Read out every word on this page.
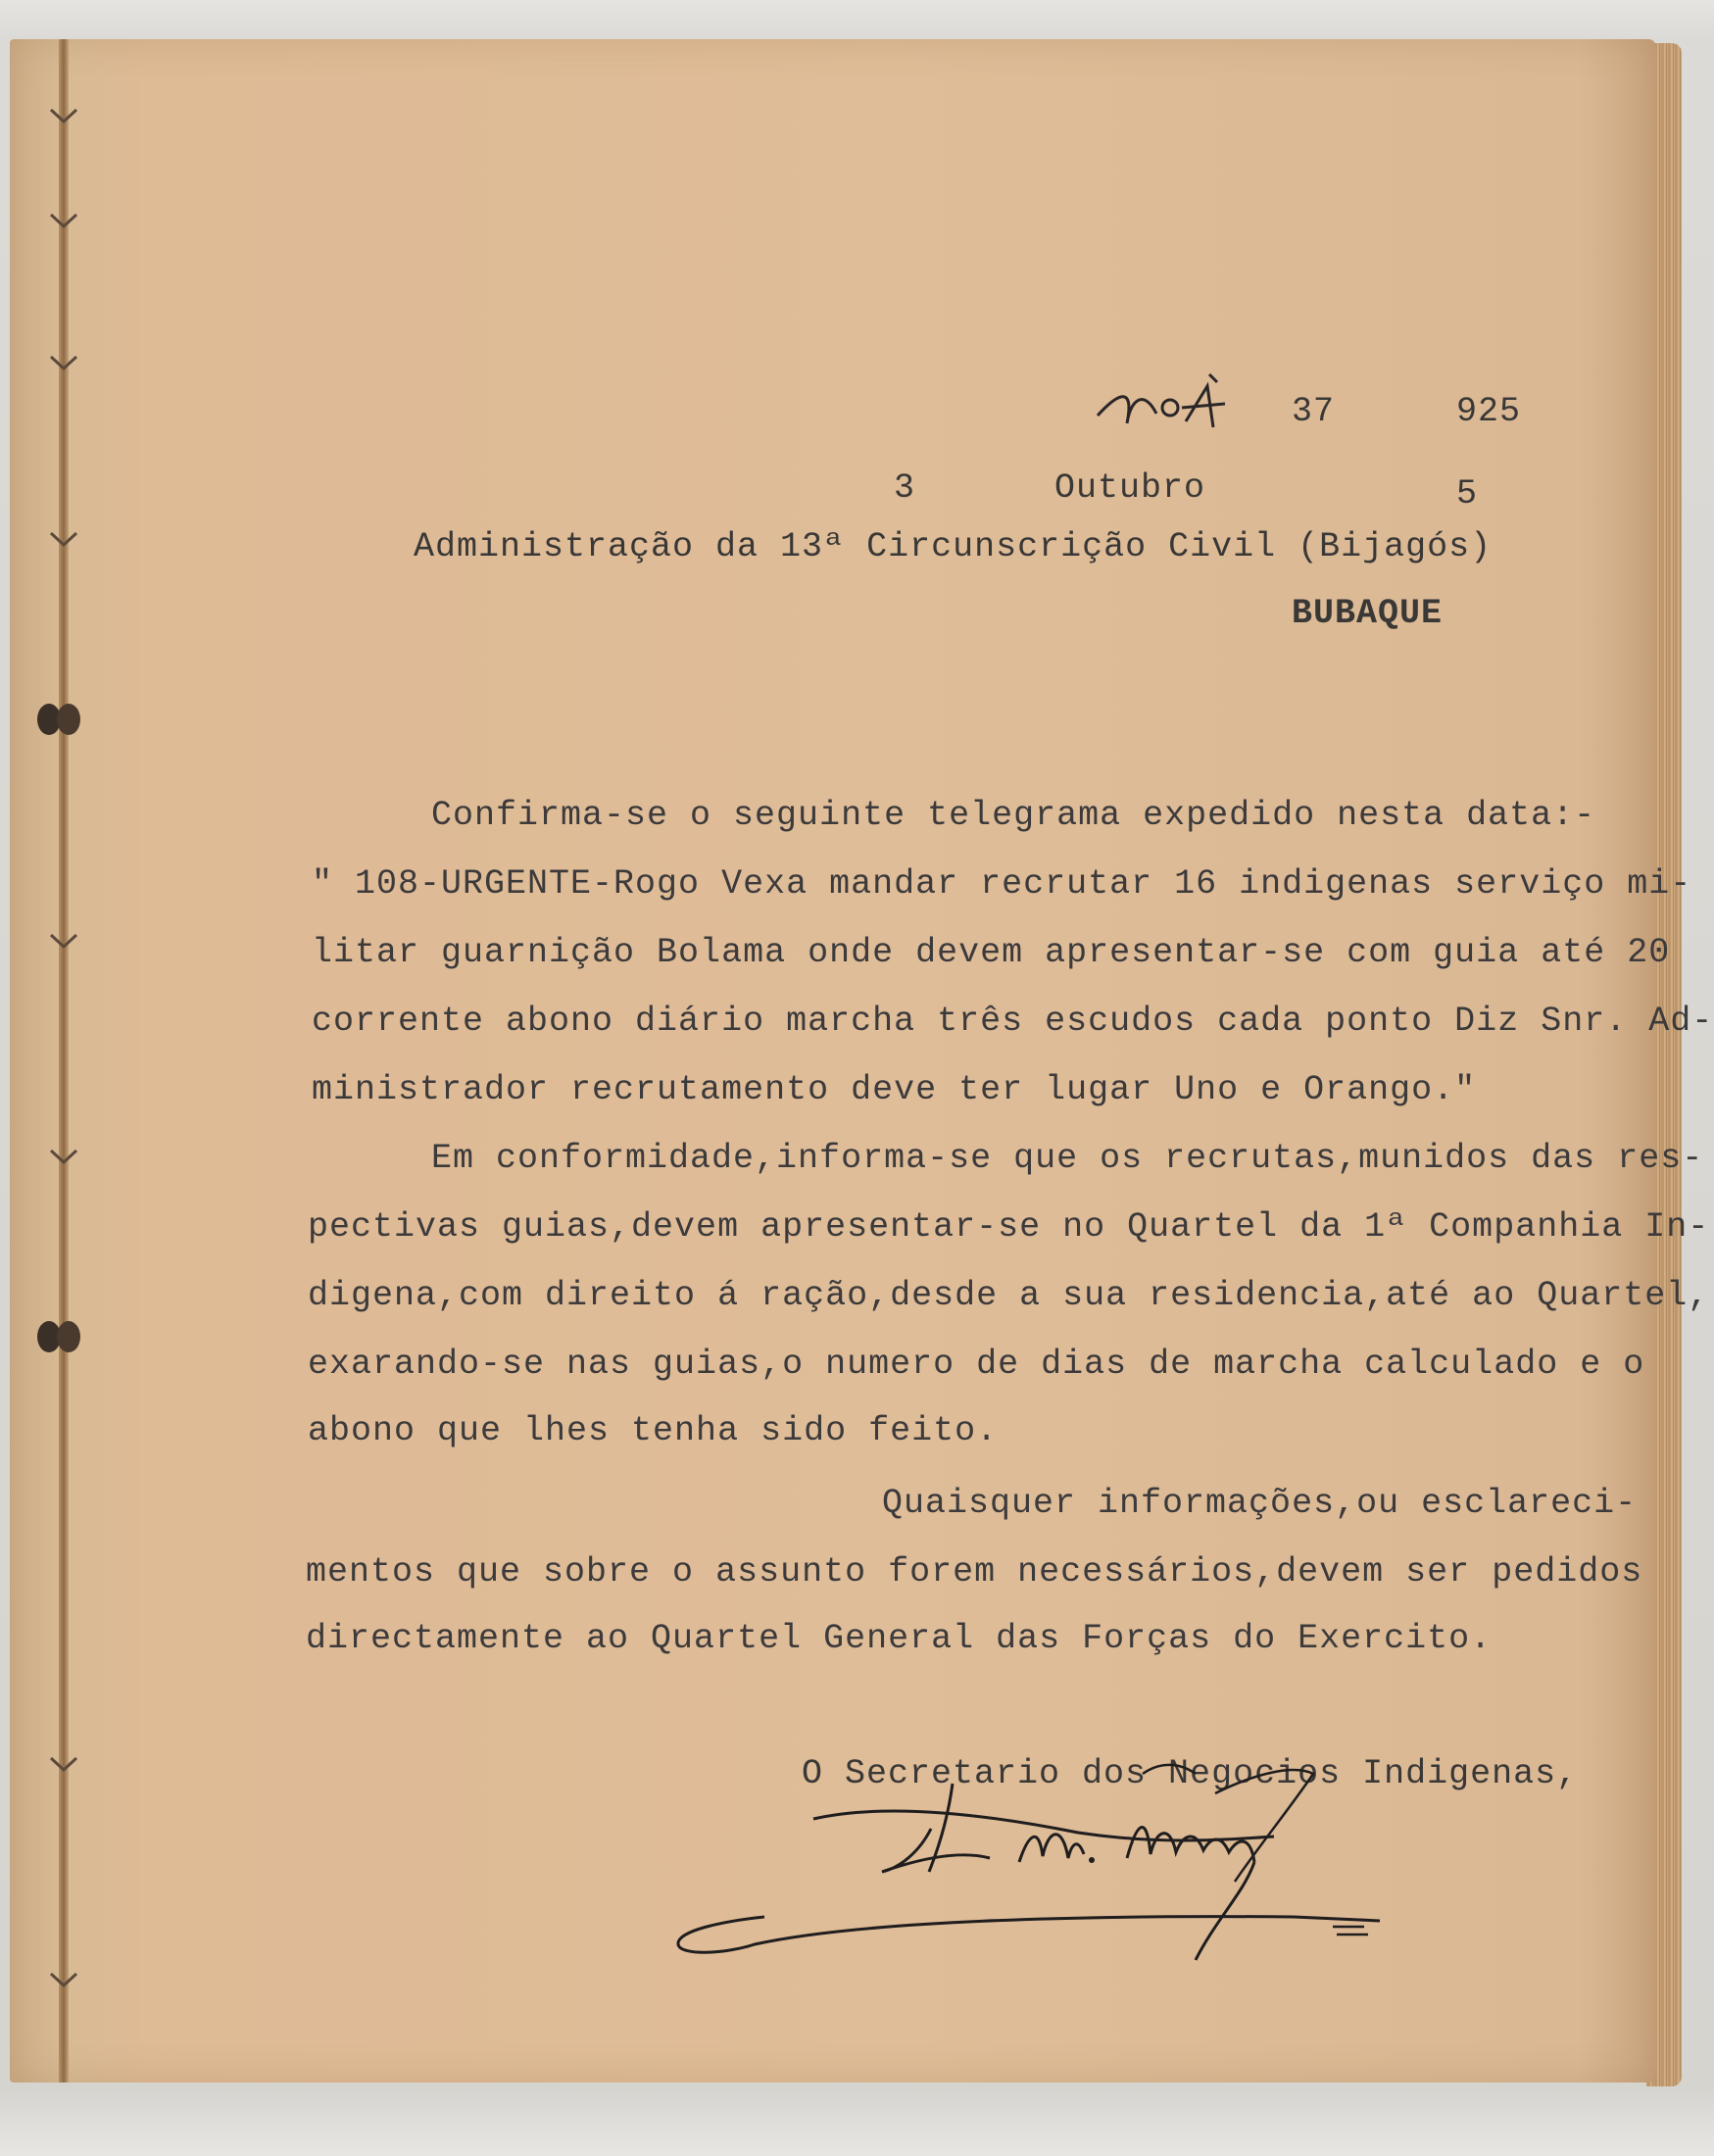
37	925
3	Outubro	5
Administração da 13ª Circunscrição Civil (Bijagós)
BUBAQUE
Confirma-se o seguinte telegrama expedido nesta data:-
" 108-URGENTE-Rogo Vexa mandar recrutar 16 indigenas serviço mi-
litar guarnição Bolama onde devem apresentar-se com guia até 20
corrente abono diário marcha três escudos cada ponto Diz Snr. Ad-
ministrador recrutamento deve ter lugar Uno e Orango."
Em conformidade,informa-se que os recrutas,munidos das res-
pectivas guias,devem apresentar-se no Quartel da 1ª Companhia In-
digena,com direito á ração,desde a sua residencia,até ao Quartel,
exarando-se nas guias,o numero de dias de marcha calculado e o
abono que lhes tenha sido feito.
Quaisquer informações,ou esclareci-
mentos que sobre o assunto forem necessários,devem ser pedidos
directamente ao Quartel General das Forças do Exercito.
O Secretario dos Negocios Indigenas,
